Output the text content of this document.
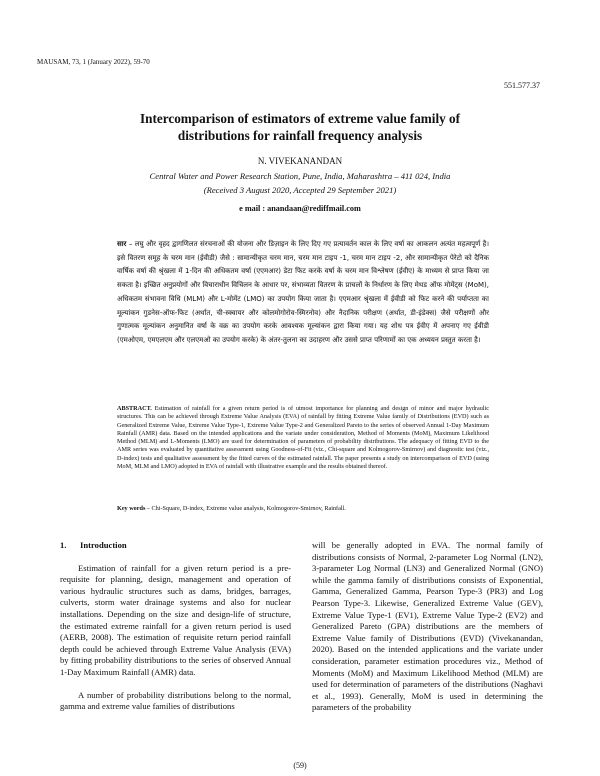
MAUSAM, 73, 1 (January 2022), 59-70
551.577.37
Intercomparison of estimators of extreme value family of
distributions for rainfall frequency analysis
N. VIVEKANANDAN
Central Water and Power Research Station, Pune, India, Maharashtra – 411 024, India
(Received 3 August 2020, Accepted 29 September 2021)
e mail : anandaan@rediffmail.com
सार – लघु और वृहद द्वागणिलत संरचनाओं की योजना और डिज़ाइन के लिए दिए गए प्रत्यावर्तन काल के लिए वर्षा का आकलन अत्यंत महत्वपूर्ण है। इसे वितरण समूह के चरम मान (ईवीडी) जैसे : सामान्यीकृत चरम मान, चरम मान टाइप -1, चरम मान टाइप -2, और सामान्यीकृत पेरेटो को दैनिक वार्षिक वर्षा की श्रृंखला में 1-दिन की अधिकतम वर्षा (एएमआर) डेटा फिट करके वर्षा के चरम मान विश्लेषण (ईवीए) के माध्यम से प्राप्त किया जा सकता है। इच्छित अनुप्रयोगों और विचाराधीन विचिलन के आधार पर, संभाव्यता वितरण के प्राचलों के निर्धारण के लिए मेथड ऑफ मोमेंट्स (MoM), अधिकतम संभावना विधि (MLM) और L-मोमेंट (LMO) का उपयोग किया जाता है। एएमआर श्रृंखला में ईवीडी को फिट करने की पर्याप्तता का मूल्यांकन गुडनेस-ऑफ-फिट (अर्थात, ची-स्क्वायर और कोलमोगोरोव-स्मिरनोव) और नैदानिक परीक्षण (अर्थात, डी-इंडेक्स) जैसे परीक्षणों और गुणात्मक मूल्यांकन अनुमानित वर्षा के वक्र का उपयोग करके आवश्यक मूल्यांकन द्वारा किया गया। यह शोध पत्र ईवीए में अपनाए गए ईवीडी (एमओएम, एमएलएम और एलएमओ का उपयोग करके) के अंतर-तुलना का उदाहरण और उससे प्राप्त परिणामों का एक अध्ययन प्रस्तुत करता है।
ABSTRACT. Estimation of rainfall for a given return period is of utmost importance for planning and design of minor and major hydraulic structures. This can be achieved through Extreme Value Analysis (EVA) of rainfall by fitting Extreme Value family of Distributions (EVD) such as Generalized Extreme Value, Extreme Value Type-1, Extreme Value Type-2 and Generalized Pareto to the series of observed Annual 1-Day Maximum Rainfall (AMR) data. Based on the intended applications and the variate under consideration, Method of Moments (MoM), Maximum Likelihood Method (MLM) and L-Moments (LMO) are used for determination of parameters of probability distributions. The adequacy of fitting EVD to the AMR series was evaluated by quantitative assessment using Goodness-of-Fit (viz., Chi-square and Kolmogorov-Smirnov) and diagnostic test (viz., D-index) tests and qualitative assessment by the fitted curves of the estimated rainfall. The paper presents a study on intercomparison of EVD (using MoM, MLM and LMO) adopted in EVA of rainfall with illustrative example and the results obtained thereof.
Key words – Chi-Square, D-index, Extreme value analysis, Kolmogorov-Smirnov, Rainfall.
1. Introduction

Estimation of rainfall for a given return period is a pre-requisite for planning, design, management and operation of various hydraulic structures such as dams, bridges, barrages, culverts, storm water drainage systems and also for nuclear installations. Depending on the size and design-life of structure, the estimated extreme rainfall for a given return period is used (AERB, 2008). The estimation of requisite return period rainfall depth could be achieved through Extreme Value Analysis (EVA) by fitting probability distributions to the series of observed Annual 1-Day Maximum Rainfall (AMR) data.

A number of probability distributions belong to the normal, gamma and extreme value families of distributions

will be generally adopted in EVA. The normal family of distributions consists of Normal, 2-parameter Log Normal (LN2), 3-parameter Log Normal (LN3) and Generalized Normal (GNO) while the gamma family of distributions consists of Exponential, Gamma, Generalized Gamma, Pearson Type-3 (PR3) and Log Pearson Type-3. Likewise, Generalized Extreme Value (GEV), Extreme Value Type-1 (EV1), Extreme Value Type-2 (EV2) and Generalized Pareto (GPA) distributions are the members of Extreme Value family of Distributions (EVD) (Vivekanandan, 2020). Based on the intended applications and the variate under consideration, parameter estimation procedures viz., Method of Moments (MoM) and Maximum Likelihood Method (MLM) are used for determination of parameters of the distributions (Naghavi et al., 1993). Generally, MoM is used in determining the parameters of the probability

(59)
